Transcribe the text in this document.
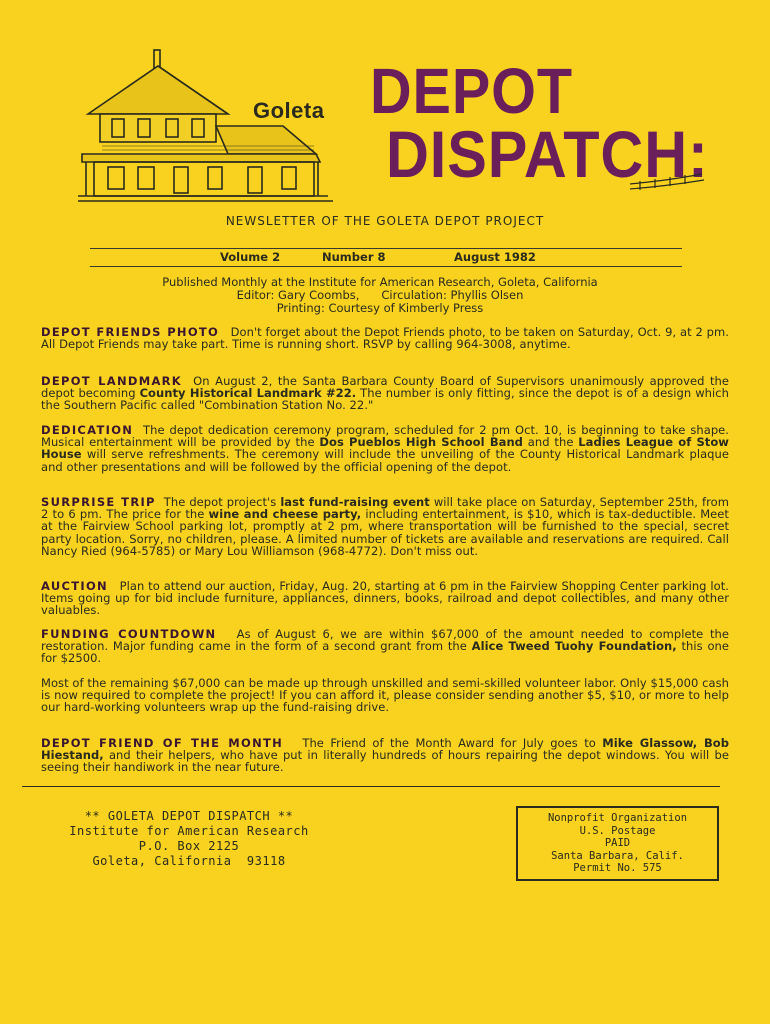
Goleta DEPOT
DISPATCH:
NEWSLETTER OF THE GOLETA DEPOT PROJECT
Volume 2	Number 8	August 1982
Published Monthly at the Institute for American Research, Goleta, California
Editor: Gary Coombs, Circulation: Phyllis Olsen
Printing: Courtesy of Kimberly Press
DEPOT FRIENDS PHOTO Don't forget about the Depot Friends photo, to be taken on Saturday, Oct. 9, at 2 pm. All Depot Friends may take part. Time is running short. RSVP by calling 964-3008, anytime.
DEPOT LANDMARK On August 2, the Santa Barbara County Board of Supervisors unanimously approved the depot becoming County Historical Landmark #22. The number is only fitting, since the depot is of a design which the Southern Pacific called "Combination Station No. 22."
DEDICATION The depot dedication ceremony program, scheduled for 2 pm Oct. 10, is beginning to take shape. Musical entertainment will be provided by the Dos Pueblos High School Band and the Ladies League of Stow House will serve refreshments. The ceremony will include the unveiling of the County Historical Landmark plaque and other presentations and will be followed by the official opening of the depot.
SURPRISE TRIP The depot project's last fund-raising event will take place on Saturday, September 25th, from 2 to 6 pm. The price for the wine and cheese party, including entertainment, is $10, which is tax-deductible. Meet at the Fairview School parking lot, promptly at 2 pm, where transportation will be furnished to the special, secret party location. Sorry, no children, please. A limited number of tickets are available and reservations are required. Call Nancy Ried (964-5785) or Mary Lou Williamson (968-4772). Don't miss out.
AUCTION Plan to attend our auction, Friday, Aug. 20, starting at 6 pm in the Fairview Shopping Center parking lot. Items going up for bid include furniture, appliances, dinners, books, railroad and depot collectibles, and many other valuables.
FUNDING COUNTDOWN As of August 6, we are within $67,000 of the amount needed to complete the restoration. Major funding came in the form of a second grant from the Alice Tweed Tuohy Foundation, this one for $2500.
Most of the remaining $67,000 can be made up through unskilled and semi-skilled volunteer labor. Only $15,000 cash is now required to complete the project! If you can afford it, please consider sending another $5, $10, or more to help our hard-working volunteers wrap up the fund-raising drive.
DEPOT FRIEND OF THE MONTH The Friend of the Month Award for July goes to Mike Glassow, Bob Hiestand, and their helpers, who have put in literally hundreds of hours repairing the depot windows. You will be seeing their handiwork in the near future.
** GOLETA DEPOT DISPATCH **
Institute for American Research
P.O. Box 2125
Goleta, California  93118
Nonprofit Organization
U.S. Postage
PAID
Santa Barbara, Calif.
Permit No. 575
